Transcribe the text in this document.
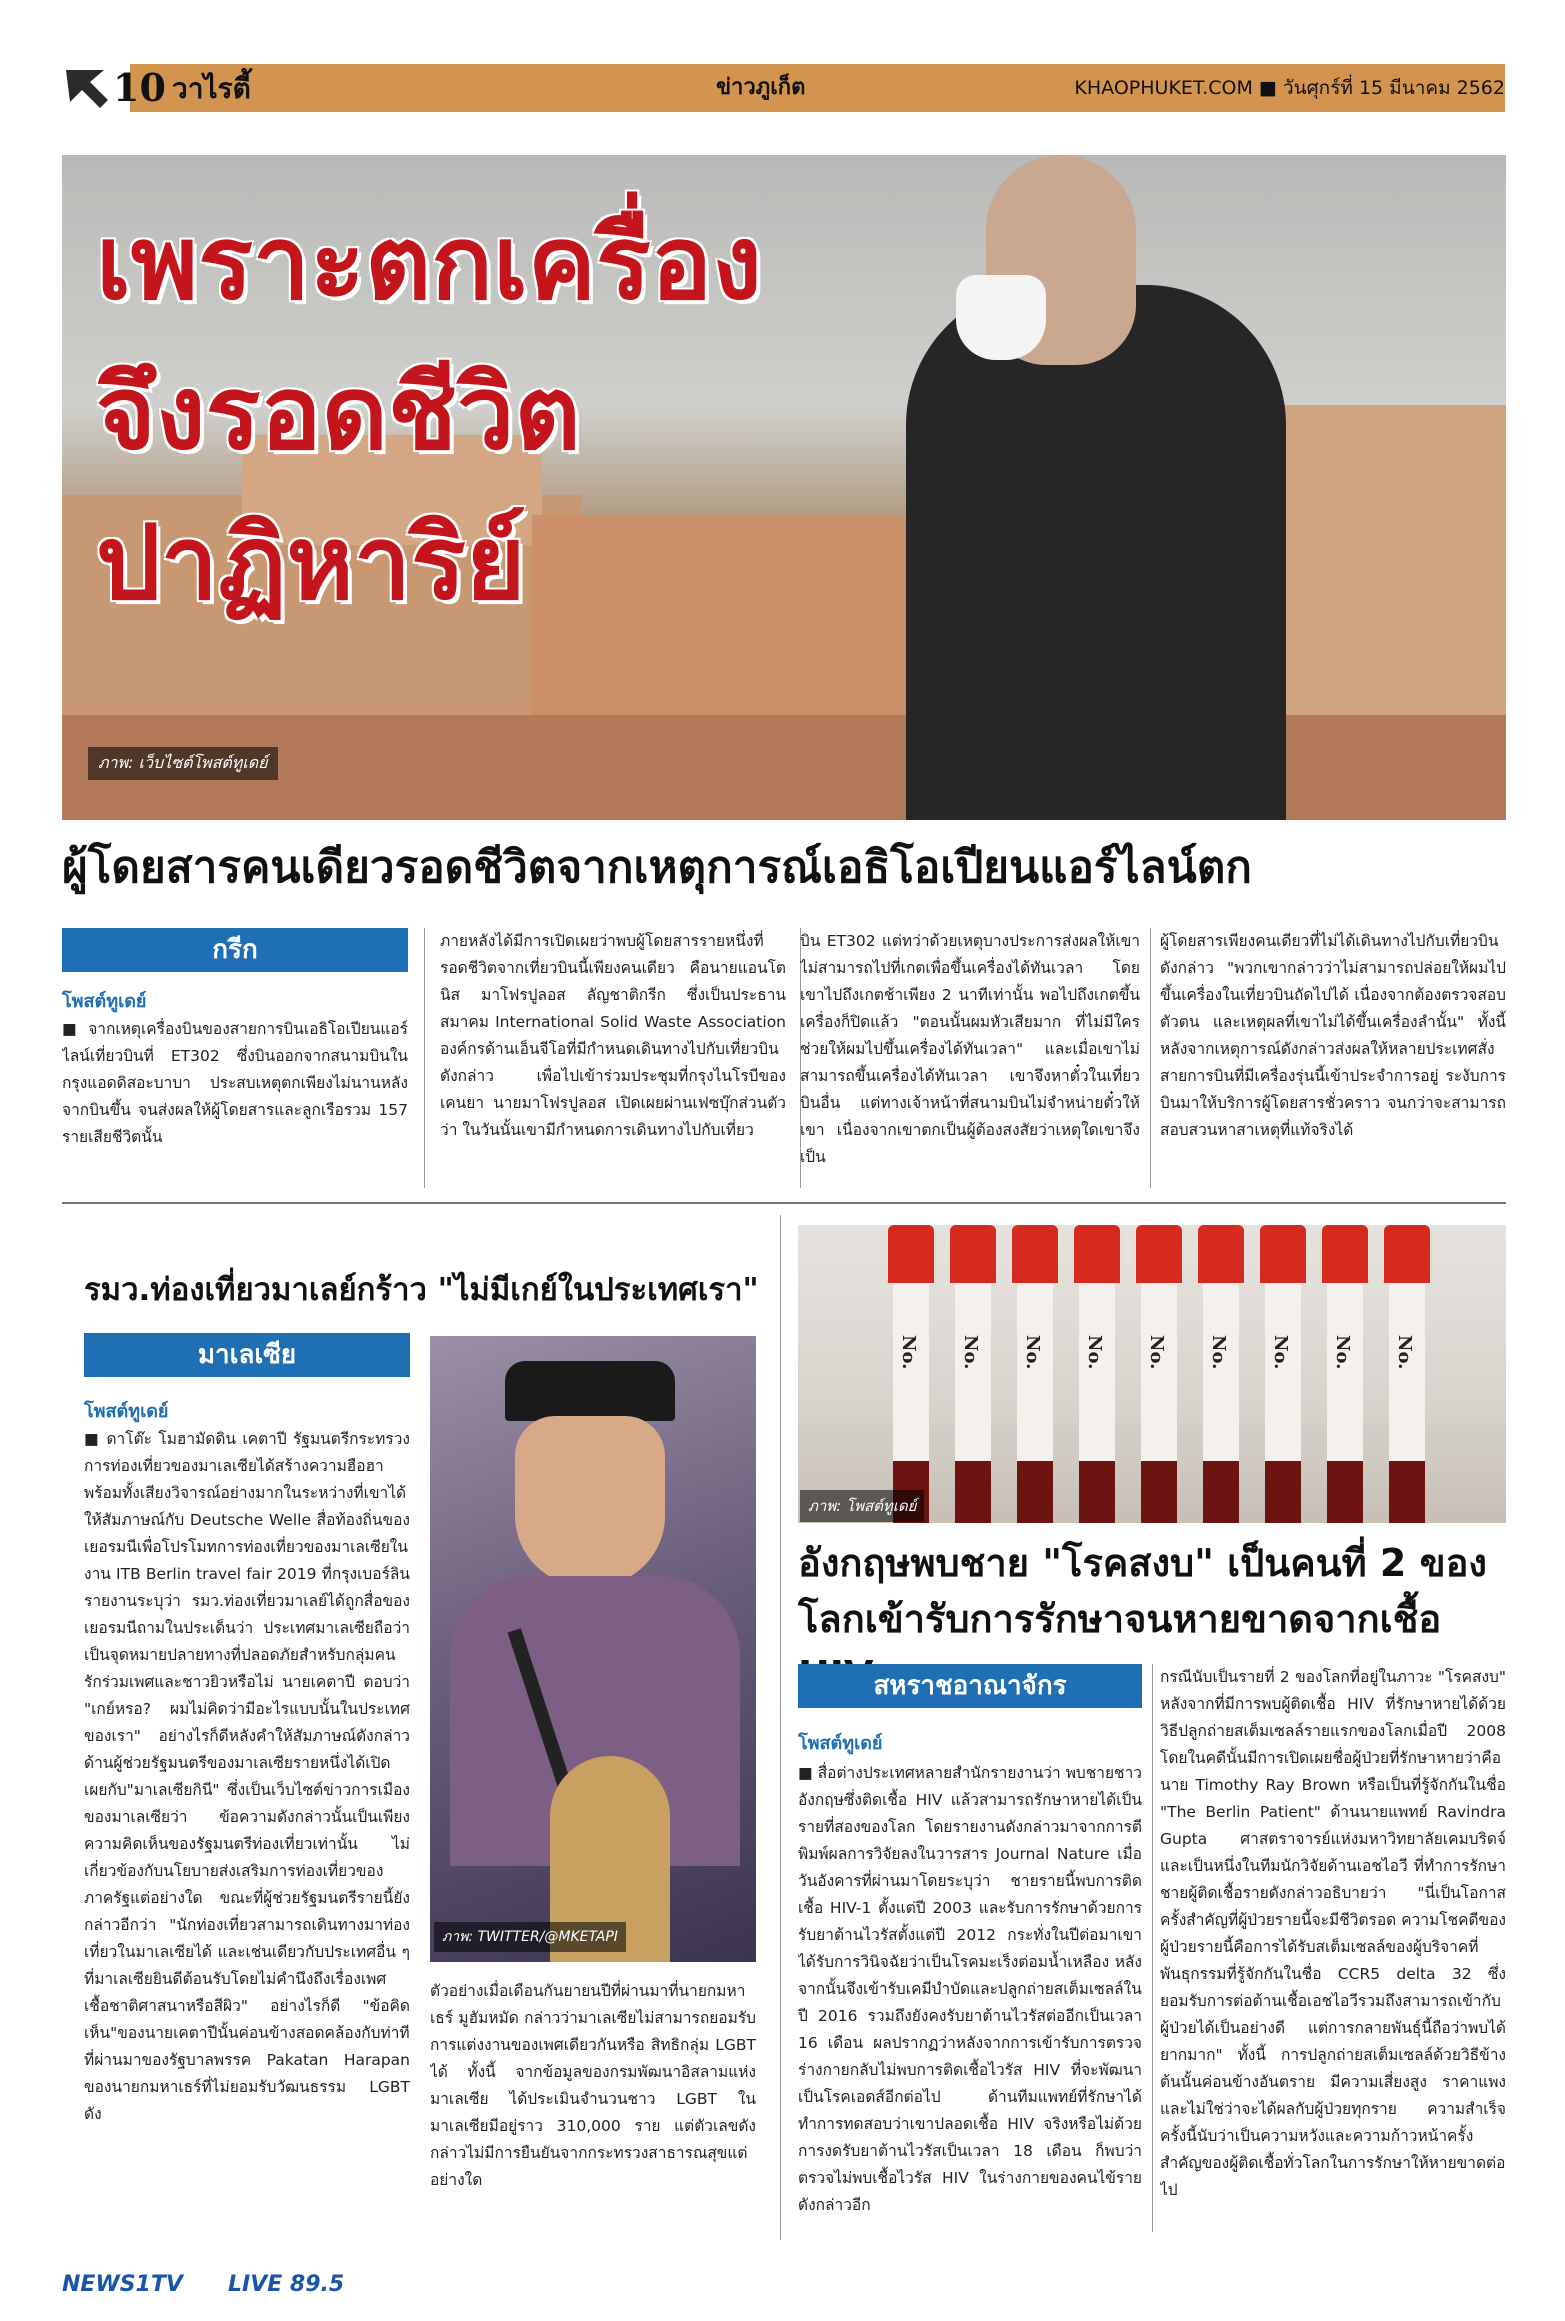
10 วาไรตี้	ข่าวภูเก็ต	KHAOPHUKET.COM ■ วันศุกร์ที่ 15 มีนาคม 2562
เพราะตกเครื่อง
จึงรอดชีวิต
ปาฏิหาริย์
ภาพ: เว็บไซต์โพสต์ทูเดย์
ผู้โดยสารคนเดียวรอดชีวิตจากเหตุการณ์เอธิโอเปียนแอร์ไลน์ตก
กรีก
โพสต์ทูเดย์
■ จากเหตุเครื่องบินของสายการบินเอธิโอเปียนแอร์ไลน์เที่ยวบินที่ ET302 ซึ่งบินออกจากสนามบินในกรุงแอดดิสอะบาบา ประสบเหตุตกเพียงไม่นานหลังจากบินขึ้น จนส่งผลให้ผู้โดยสารและลูกเรือรวม 157 รายเสียชีวิตนั้น
ภายหลังได้มีการเปิดเผยว่าพบผู้โดยสารรายหนึ่งที่รอดชีวิตจากเที่ยวบินนี้เพียงคนเดียว คือนายแอนโตนิส มาโฟรปูลอส ลัญชาติกรีก ซึ่งเป็นประธานสมาคม International Solid Waste Association องค์กรด้านเอ็นจีโอที่มีกำหนดเดินทางไปกับเที่ยวบินดังกล่าว เพื่อไปเข้าร่วมประชุมที่กรุงไนโรบีของเคนยา นายมาโฟรปูลอส เปิดเผยผ่านเฟซบุ๊กส่วนตัวว่า ในวันนั้นเขามีกำหนดการเดินทางไปกับเที่ยว
บิน ET302 แต่ทว่าด้วยเหตุบางประการส่งผลให้เขาไม่สามารถไปที่เกตเพื่อขึ้นเครื่องได้ทันเวลา โดยเขาไปถึงเกตช้าเพียง 2 นาทีเท่านั้น พอไปถึงเกตขึ้นเครื่องก็ปิดแล้ว "ตอนนั้นผมหัวเสียมาก ที่ไม่มีใครช่วยให้ผมไปขึ้นเครื่องได้ทันเวลา" และเมื่อเขาไม่สามารถขึ้นเครื่องได้ทันเวลา เขาจึงหาตั๋วในเที่ยวบินอื่น แต่ทางเจ้าหน้าที่สนามบินไม่จำหน่ายตั๋วให้เขา เนื่องจากเขาตกเป็นผู้ต้องสงสัยว่าเหตุใดเขาจึงเป็น
ผู้โดยสารเพียงคนเดียวที่ไม่ได้เดินทางไปกับเที่ยวบินดังกล่าว "พวกเขากล่าวว่าไม่สามารถปล่อยให้ผมไปขึ้นเครื่องในเที่ยวบินถัดไปได้ เนื่องจากต้องตรวจสอบตัวตน และเหตุผลที่เขาไม่ได้ขึ้นเครื่องลำนั้น" ทั้งนี้ หลังจากเหตุการณ์ดังกล่าวส่งผลให้หลายประเทศสั่งสายการบินที่มีเครื่องรุ่นนี้เข้าประจำการอยู่ ระงับการบินมาให้บริการผู้โดยสารชั่วคราว จนกว่าจะสามารถสอบสวนหาสาเหตุที่แท้จริงได้
รมว.ท่องเที่ยวมาเลย์กร้าว "ไม่มีเกย์ในประเทศเรา"
มาเลเซีย
โพสต์ทูเดย์
■ ดาโต๊ะ โมฮามัดดิน เคตาปี รัฐมนตรีกระทรวงการท่องเที่ยวของมาเลเซียได้สร้างความฮือฮาพร้อมทั้งเสียงวิจารณ์อย่างมากในระหว่างที่เขาได้ให้สัมภาษณ์กับ Deutsche Welle สื่อท้องถิ่นของเยอรมนีเพื่อโปรโมทการท่องเที่ยวของมาเลเซียในงาน ITB Berlin travel fair 2019 ที่กรุงเบอร์ลิน รายงานระบุว่า รมว.ท่องเที่ยวมาเลย์ได้ถูกสื่อของเยอรมนีถามในประเด็นว่า ประเทศมาเลเซียถือว่าเป็นจุดหมายปลายทางที่ปลอดภัยสำหรับกลุ่มคนรักร่วมเพศและชาวยิวหรือไม่ นายเคตาปี ตอบว่า "เกย์หรอ? ผมไม่คิดว่ามีอะไรแบบนั้นในประเทศของเรา" อย่างไรก็ดีหลังคำให้สัมภาษณ์ดังกล่าว ด้านผู้ช่วยรัฐมนตรีของมาเลเซียรายหนึ่งได้เปิดเผยกับ"มาเลเซียกินี" ซึ่งเป็นเว็บไซต์ข่าวการเมืองของมาเลเซียว่า ข้อความดังกล่าวนั้นเป็นเพียงความคิดเห็นของรัฐมนตรีท่องเที่ยวเท่านั้น ไม่เกี่ยวข้องกับนโยบายส่งเสริมการท่องเที่ยวของภาครัฐแต่อย่างใด ขณะที่ผู้ช่วยรัฐมนตรีรายนี้ยังกล่าวอีกว่า "นักท่องเที่ยวสามารถเดินทางมาท่องเที่ยวในมาเลเซียได้ และเช่นเดียวกับประเทศอื่น ๆ ที่มาเลเซียยินดีต้อนรับโดยไม่คำนึงถึงเรื่องเพศ เชื้อชาติศาสนาหรือสีผิว" อย่างไรก็ดี "ข้อคิดเห็น"ของนายเคตาปีนั้นค่อนข้างสอดคล้องกับท่าทีที่ผ่านมาของรัฐบาลพรรค Pakatan Harapan ของนายกมหาเธร์ที่ไม่ยอมรับวัฒนธรรม LGBT ดัง
ภาพ: TWITTER/@MKETAPI
ตัวอย่างเมื่อเดือนกันยายนปีที่ผ่านมาที่นายกมหาเธร์ มูฮัมหมัด กล่าวว่ามาเลเซียไม่สามารถยอมรับการแต่งงานของเพศเดียวกันหรือ สิทธิกลุ่ม LGBT ได้ ทั้งนี้ จากข้อมูลของกรมพัฒนาอิสลามแห่งมาเลเซีย ได้ประเมินจำนวนชาว LGBT ในมาเลเซียมีอยู่ราว 310,000 ราย แต่ตัวเลขดังกล่าวไม่มีการยืนยันจากกระทรวงสาธารณสุขแต่อย่างใด
No. No. No. No. No. No. No. No. No.
ภาพ: โพสต์ทูเดย์
อังกฤษพบชาย "โรคสงบ" เป็นคนที่ 2 ของโลกเข้ารับการรักษาจนหายขาดจากเชื้อ
สหราชอาณาจักร
โพสต์ทูเดย์
■ สื่อต่างประเทศหลายสำนักรายงานว่า พบชายชาวอังกฤษซึ่งติดเชื้อ HIV แล้วสามารถรักษาหายได้เป็นรายที่สองของโลก โดยรายงานดังกล่าวมาจากการตีพิมพ์ผลการวิจัยลงในวารสาร Journal Nature เมื่อวันอังคารที่ผ่านมาโดยระบุว่า ชายรายนี้พบการติดเชื้อ HIV-1 ตั้งแต่ปี 2003 และรับการรักษาด้วยการรับยาต้านไวรัสตั้งแต่ปี 2012 กระทั่งในปีต่อมาเขาได้รับการวินิจฉัยว่าเป็นโรคมะเร็งต่อมน้ำเหลือง หลังจากนั้นจึงเข้ารับเคมีบำบัดและปลูกถ่ายสเต็มเซลล์ในปี 2016 รวมถึงยังคงรับยาต้านไวรัสต่ออีกเป็นเวลา 16 เดือน ผลปรากฏว่าหลังจากการเข้ารับการตรวจร่างกายกลับไม่พบการติดเชื้อไวรัส HIV ที่จะพัฒนาเป็นโรคเอดส์อีกต่อไป ด้านทีมแพทย์ที่รักษาได้ทำการทดสอบว่าเขาปลอดเชื้อ HIV จริงหรือไม่ด้วยการงดรับยาต้านไวรัสเป็นเวลา 18 เดือน ก็พบว่าตรวจไม่พบเชื้อไวรัส HIV ในร่างกายของคนไข้รายดังกล่าวอีก
กรณีนับเป็นรายที่ 2 ของโลกที่อยู่ในภาวะ "โรคสงบ" หลังจากที่มีการพบผู้ติดเชื้อ HIV ที่รักษาหายได้ด้วยวิธีปลูกถ่ายสเต็มเซลล์รายแรกของโลกเมื่อปี 2008 โดยในคดีนั้นมีการเปิดเผยชื่อผู้ป่วยที่รักษาหายว่าคือนาย Timothy Ray Brown หรือเป็นที่รู้จักกันในชื่อ "The Berlin Patient" ด้านนายแพทย์ Ravindra Gupta ศาสตราจารย์แห่งมหาวิทยาลัยเคมบริดจ์ และเป็นหนึ่งในทีมนักวิจัยด้านเอชไอวี ที่ทำการรักษาชายผู้ติดเชื้อรายดังกล่าวอธิบายว่า "นี่เป็นโอกาสครั้งสำคัญที่ผู้ป่วยรายนี้จะมีชีวิตรอด ความโชคดีของผู้ป่วยรายนี้คือการได้รับสเต็มเซลล์ของผู้บริจาคที่พันธุกรรมที่รู้จักกันในชื่อ CCR5 delta 32 ซึ่งยอมรับการต่อต้านเชื้อเอชไอวีรวมถึงสามารถเข้ากับผู้ป่วยได้เป็นอย่างดี แต่การกลายพันธุ์นี้ถือว่าพบได้ยากมาก" ทั้งนี้ การปลูกถ่ายสเต็มเซลล์ด้วยวิธีข้างต้นนั้นค่อนข้างอันตราย มีความเสี่ยงสูง ราคาแพง และไม่ใช่ว่าจะได้ผลกับผู้ป่วยทุกราย ความสำเร็จครั้งนี้นับว่าเป็นความหวังและความก้าวหน้าครั้งสำคัญของผู้ติดเชื้อทั่วโลกในการรักษาให้หายขาดต่อไป
NEWS1TV LIVE 89.5
